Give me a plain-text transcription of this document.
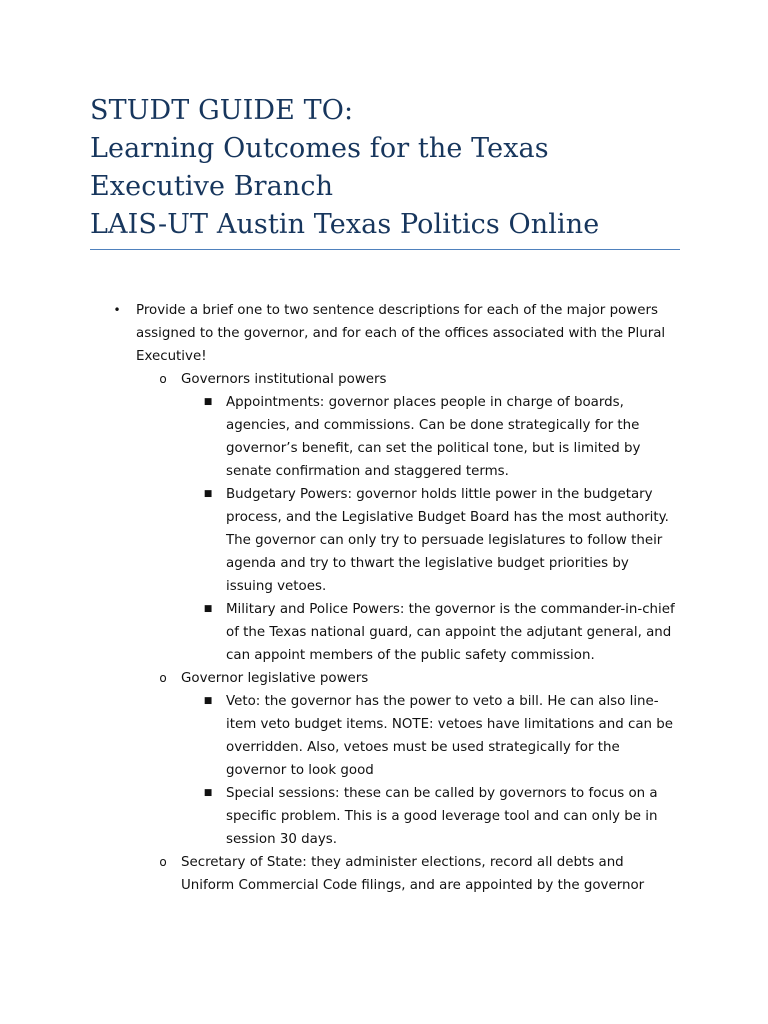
STUDT GUIDE TO:
Learning Outcomes for the Texas
Executive Branch
LAIS-UT Austin Texas Politics Online
• Provide a brief one to two sentence descriptions for each of the major powers assigned to the governor, and for each of the offices associated with the Plural Executive!
o Governors institutional powers
■ Appointments: governor places people in charge of boards, agencies, and commissions. Can be done strategically for the governor’s benefit, can set the political tone, but is limited by senate confirmation and staggered terms.
■ Budgetary Powers: governor holds little power in the budgetary process, and the Legislative Budget Board has the most authority. The governor can only try to persuade legislatures to follow their agenda and try to thwart the legislative budget priorities by issuing vetoes.
■ Military and Police Powers: the governor is the commander-in-chief of the Texas national guard, can appoint the adjutant general, and can appoint members of the public safety commission.
o Governor legislative powers
■ Veto: the governor has the power to veto a bill. He can also line-item veto budget items. NOTE: vetoes have limitations and can be overridden. Also, vetoes must be used strategically for the governor to look good
■ Special sessions: these can be called by governors to focus on a specific problem. This is a good leverage tool and can only be in session 30 days.
o Secretary of State: they administer elections, record all debts and Uniform Commercial Code filings, and are appointed by the governor
